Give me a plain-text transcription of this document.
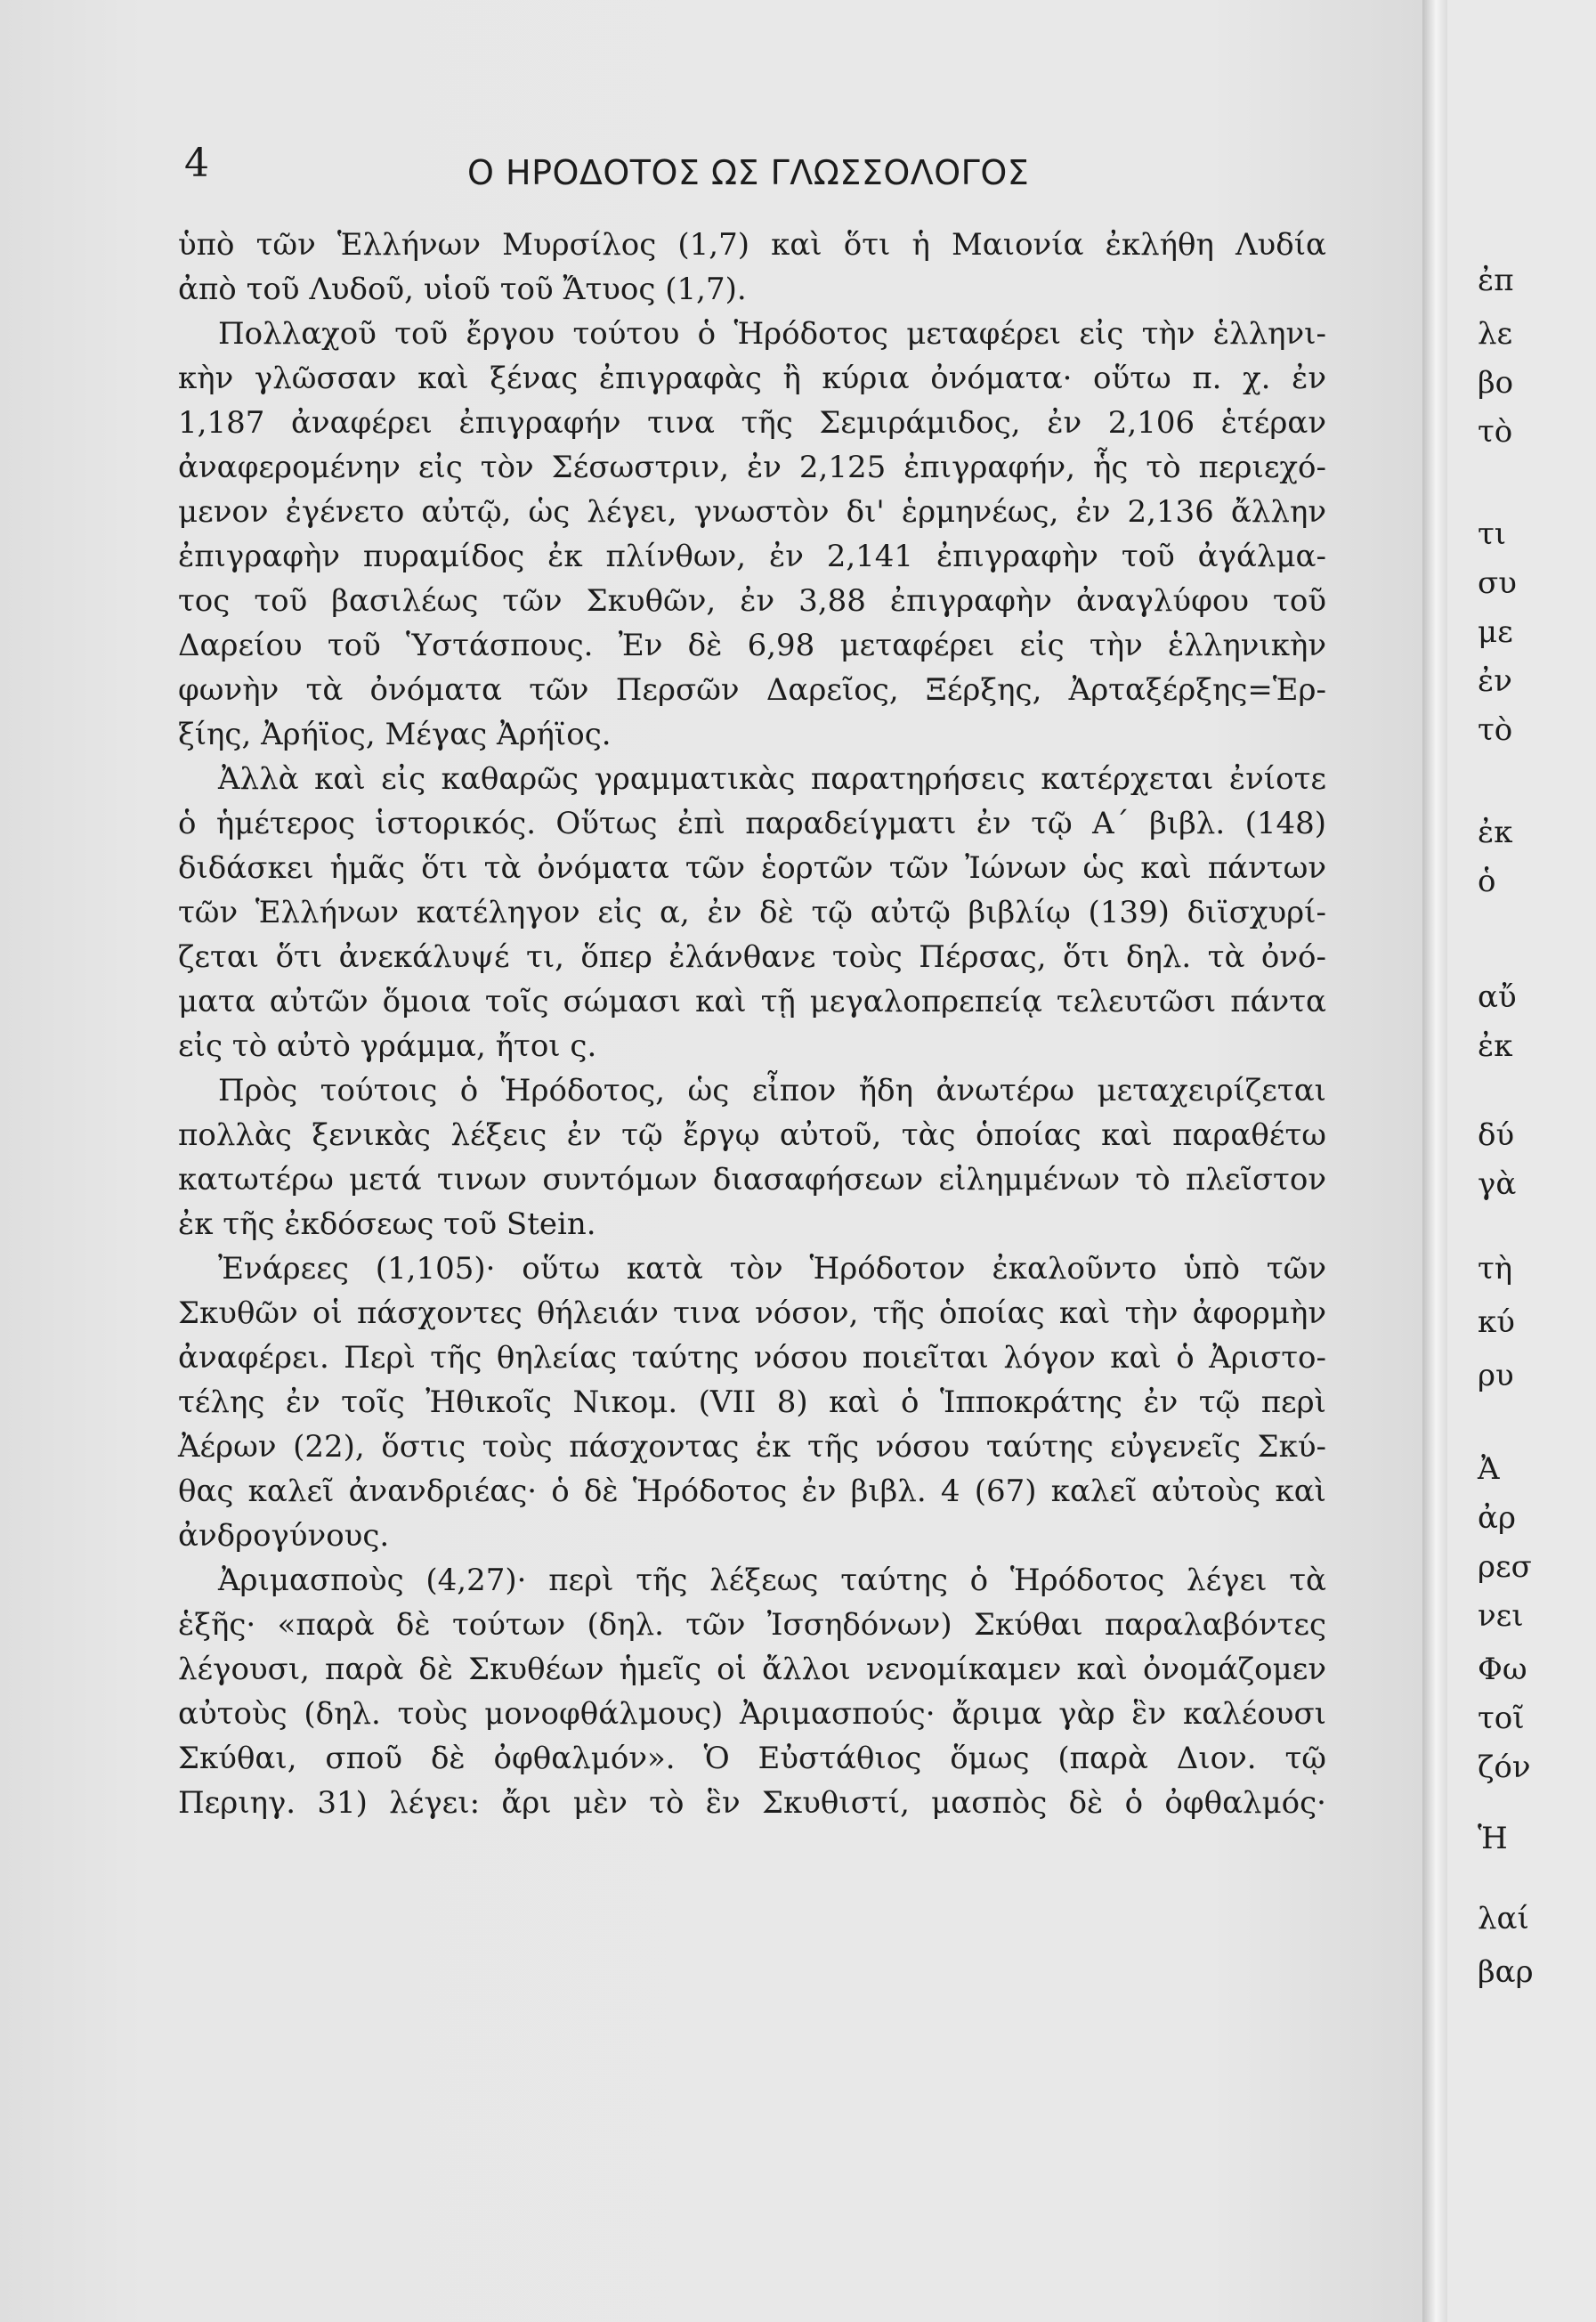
4	Ο ΗΡΟΔΟΤΟΣ ΩΣ ΓΛΩΣΣΟΛΟΓΟΣ
ὑπὸ τῶν Ἑλλήνων Μυρσίλος (1,7) καὶ ὅτι ἡ Μαιονία ἐκλήθη Λυδία
ἀπὸ τοῦ Λυδοῦ, υἱοῦ τοῦ Ἄτυος (1,7).
Πολλαχοῦ τοῦ ἔργου τούτου ὁ Ἡρόδοτος μεταφέρει εἰς τὴν ἑλληνι-
κὴν γλῶσσαν καὶ ξένας ἐπιγραφὰς ἢ κύρια ὀνόματα· οὕτω π. χ. ἐν
1,187 ἀναφέρει ἐπιγραφήν τινα τῆς Σεμιράμιδος, ἐν 2,106 ἑτέραν
ἀναφερομένην εἰς τὸν Σέσωστριν, ἐν 2,125 ἐπιγραφήν, ἧς τὸ περιεχό-
μενον ἐγένετο αὐτῷ, ὡς λέγει, γνωστὸν δι' ἑρμηνέως, ἐν 2,136 ἄλλην
ἐπιγραφὴν πυραμίδος ἐκ πλίνθων, ἐν 2,141 ἐπιγραφὴν τοῦ ἀγάλμα-
τος τοῦ βασιλέως τῶν Σκυθῶν, ἐν 3,88 ἐπιγραφὴν ἀναγλύφου τοῦ
Δαρείου τοῦ Ὑστάσπους. Ἐν δὲ 6,98 μεταφέρει εἰς τὴν ἑλληνικὴν
φωνὴν τὰ ὀνόματα τῶν Περσῶν Δαρεῖος, Ξέρξης, Ἀρταξέρξης=Ἑρ-
ξίης, Ἀρήϊος, Μέγας Ἀρήϊος.
Ἀλλὰ καὶ εἰς καθαρῶς γραμματικὰς παρατηρήσεις κατέρχεται ἐνίοτε
ὁ ἡμέτερος ἱστορικός. Οὕτως ἐπὶ παραδείγματι ἐν τῷ Α΄ βιβλ. (148)
διδάσκει ἡμᾶς ὅτι τὰ ὀνόματα τῶν ἑορτῶν τῶν Ἰώνων ὡς καὶ πάντων
τῶν Ἑλλήνων κατέληγον εἰς α, ἐν δὲ τῷ αὐτῷ βιβλίῳ (139) διϊσχυρί-
ζεται ὅτι ἀνεκάλυψέ τι, ὅπερ ἐλάνθανε τοὺς Πέρσας, ὅτι δηλ. τὰ ὀνό-
ματα αὐτῶν ὅμοια τοῖς σώμασι καὶ τῇ μεγαλοπρεπείᾳ τελευτῶσι πάντα
εἰς τὸ αὐτὸ γράμμα, ἤτοι ς.
Πρὸς τούτοις ὁ Ἡρόδοτος, ὡς εἶπον ἤδη ἀνωτέρω μεταχειρίζεται
πολλὰς ξενικὰς λέξεις ἐν τῷ ἔργῳ αὐτοῦ, τὰς ὁποίας καὶ παραθέτω
κατωτέρω μετά τινων συντόμων διασαφήσεων εἰλημμένων τὸ πλεῖστον
ἐκ τῆς ἐκδόσεως τοῦ Stein.
Ἐνάρεες (1,105)· οὕτω κατὰ τὸν Ἡρόδοτον ἐκαλοῦντο ὑπὸ τῶν
Σκυθῶν οἱ πάσχοντες θήλειάν τινα νόσον, τῆς ὁποίας καὶ τὴν ἀφορμὴν
ἀναφέρει. Περὶ τῆς θηλείας ταύτης νόσου ποιεῖται λόγον καὶ ὁ Ἀριστο-
τέλης ἐν τοῖς Ἠθικοῖς Νικομ. (VII 8) καὶ ὁ Ἱπποκράτης ἐν τῷ περὶ
Ἀέρων (22), ὅστις τοὺς πάσχοντας ἐκ τῆς νόσου ταύτης εὐγενεῖς Σκύ-
θας καλεῖ ἀνανδριέας· ὁ δὲ Ἡρόδοτος ἐν βιβλ. 4 (67) καλεῖ αὐτοὺς καὶ
ἀνδρογύνους.
Ἀριμασποὺς (4,27)· περὶ τῆς λέξεως ταύτης ὁ Ἡρόδοτος λέγει τὰ
ἑξῆς· «παρὰ δὲ τούτων (δηλ. τῶν Ἰσσηδόνων) Σκύθαι παραλαβόντες
λέγουσι, παρὰ δὲ Σκυθέων ἡμεῖς οἱ ἄλλοι νενομίκαμεν καὶ ὀνομάζομεν
αὐτοὺς (δηλ. τοὺς μονοφθάλμους) Ἀριμασπούς· ἄριμα γὰρ ἓν καλέουσι
Σκύθαι, σποῦ δὲ ὀφθαλμόν». Ὁ Εὐστάθιος ὅμως (παρὰ Διον. τῷ
Περιηγ. 31) λέγει: ἄρι μὲν τὸ ἓν Σκυθιστί, μασπὸς δὲ ὁ ὀφθαλμός·
ἐπ
λε
βο
τὸ
τι
συ
με
ἐν
τὸ
ἐκ
ὁ
αὔ
ἐκ
δύ
γὰ
τὴ
κύ
ρυ
Ἀ
ἀρ
ρεσ
νει
Φω
τοῖ
ζόν
Ἡ
λαί
βαρ
